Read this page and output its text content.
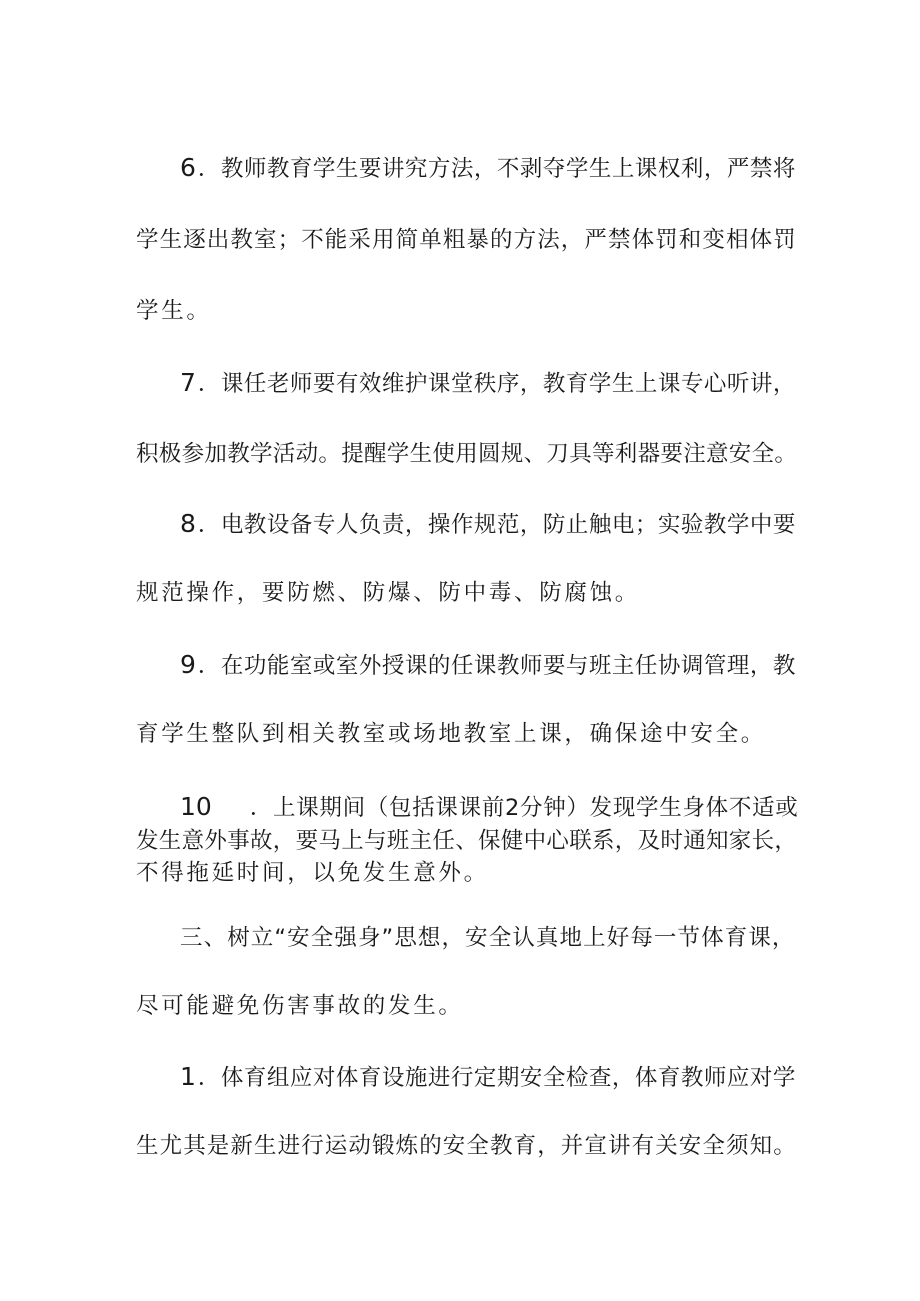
6．教师教育学生要讲究方法，不剥夺学生上课权利，严禁将
学生逐出教室；不能采用简单粗暴的方法，严禁体罚和变相体罚
学生。
7．课任老师要有效维护课堂秩序，教育学生上课专心听讲，
积极参加教学活动。提醒学生使用圆规、刀具等利器要注意安全。
8．电教设备专人负责，操作规范，防止触电；实验教学中要
规范操作，要防燃、防爆、防中毒、防腐蚀。
9．在功能室或室外授课的任课教师要与班主任协调管理，教
育学生整队到相关教室或场地教室上课，确保途中安全。
10 ．上课期间（包括课课前2分钟）发现学生身体不适或
发生意外事故，要马上与班主任、保健中心联系，及时通知家长，
不得拖延时间，以免发生意外。
三、树立“安全强身”思想，安全认真地上好每一节体育课，
尽可能避免伤害事故的发生。
1．体育组应对体育设施进行定期安全检查，体育教师应对学
生尤其是新生进行运动锻炼的安全教育，并宣讲有关安全须知。
